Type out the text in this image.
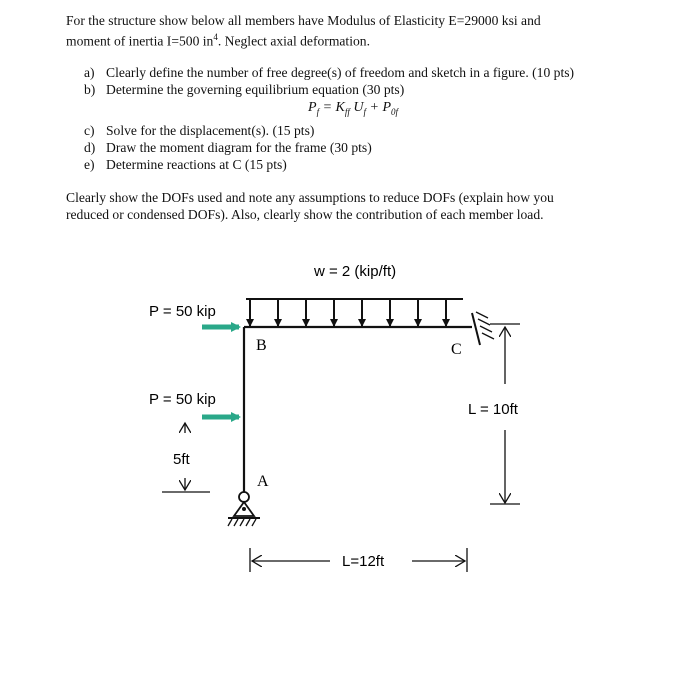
For the structure show below all members have Modulus of Elasticity E=29000 ksi and
moment of inertia I=500 $in^4$. Neglect axial deformation.
a) Clearly define the number of free degree(s) of freedom and sketch in a figure. (10 pts)
b) Determine the governing equilibrium equation (30 pts)
$P_f = K_{ff}$ $U_f + P_{0f}$
c) Solve for the displacement(s). (15 pts)
d) Draw the moment diagram for the frame (30 pts)
e) Determine reactions at C (15 pts)
Clearly show the DOFs used and note any assumptions to reduce DOFs (explain how you
reduced or condensed DOFs). Also, clearly show the contribution of each member load.
w = 2 (kip/ft)
B	C
A
P = 50 kip
P = 50 kip
5ft
L = 10ft
L=12ft
